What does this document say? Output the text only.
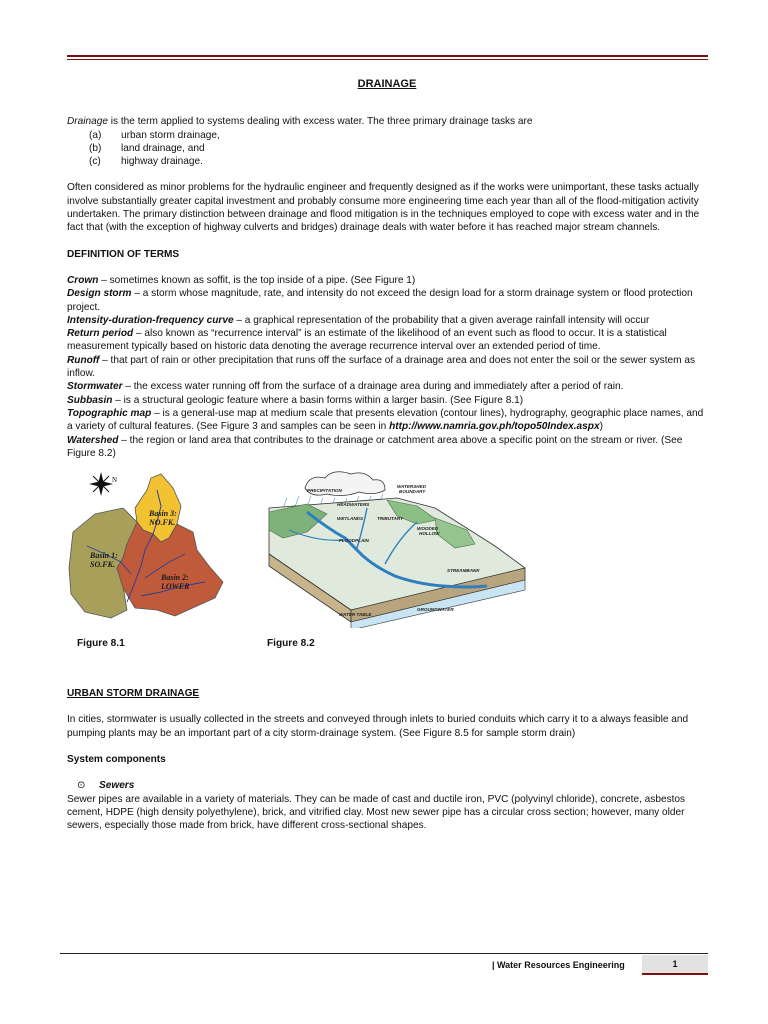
DRAINAGE

Drainage is the term applied to systems dealing with excess water. The three primary drainage tasks are

(a)	urban storm drainage,
(b)	land drainage, and
(c)	highway drainage.

Often considered as minor problems for the hydraulic engineer and frequently designed as if the works were unimportant, these tasks actually involve substantially greater capital investment and probably consume more engineering time each year than all of the flood-mitigation activity undertaken. The primary distinction between drainage and flood mitigation is in the techniques employed to cope with excess water and in the fact that (with the exception of highway culverts and bridges) drainage deals with water before it has reached major stream channels.

DEFINITION OF TERMS

Crown – sometimes known as soffit, is the top inside of a pipe. (See Figure 1)

Design storm – a storm whose magnitude, rate, and intensity do not exceed the design load for a storm drainage system or flood protection project.

Intensity-duration-frequency curve – a graphical representation of the probability that a given average rainfall intensity will occur

Return period – also known as “recurrence interval” is an estimate of the likelihood of an event such as flood to occur. It is a statistical measurement typically based on historic data denoting the average recurrence interval over an extended period of time.

Runoff – that part of rain or other precipitation that runs off the surface of a drainage area and does not enter the soil or the sewer system as inflow.

Stormwater – the excess water running off from the surface of a drainage area during and immediately after a period of rain.

Subbasin – is a structural geologic feature where a basin forms within a larger basin. (See Figure 8.1)

Topographic map – is a general-use map at medium scale that presents elevation (contour lines), hydrography, geographic place names, and a variety of cultural features. (See Figure 3 and samples can be seen in http://www.namria.gov.ph/topo50Index.aspx)

Watershed – the region or land area that contributes to the drainage or catchment area above a specific point on the stream or river. (See Figure 8.2)

N
Basin 1:
SO.FK.
Basin 3:
NO.FK.
Basin 2:
LOWER
PRECIPITATION
HEADWATERS
WATERSHED
BOUNDARY
WETLANDS	TRIBUTARY
FLOODPLAIN
WOODED
HOLLOW
STREAMBANK
WATER TABLE
GROUNDWATER
Figure 8.1	Figure 8.2

URBAN STORM DRAINAGE

In cities, stormwater is usually collected in the streets and conveyed through inlets to buried conduits which carry it to a always feasible and pumping plants may be an important part of a city storm-drainage system. (See Figure 8.5 for sample storm drain)

System components

⊙ Sewers

Sewer pipes are available in a variety of materials. They can be made of cast and ductile iron, PVC (polyvinyl chloride), concrete, asbestos cement, HDPE (high density polyethylene), brick, and vitrified clay. Most new sewer pipe has a circular cross section; however, many older sewers, especially those made from brick, have different cross-sectional shapes.

| Water Resources Engineering	1
